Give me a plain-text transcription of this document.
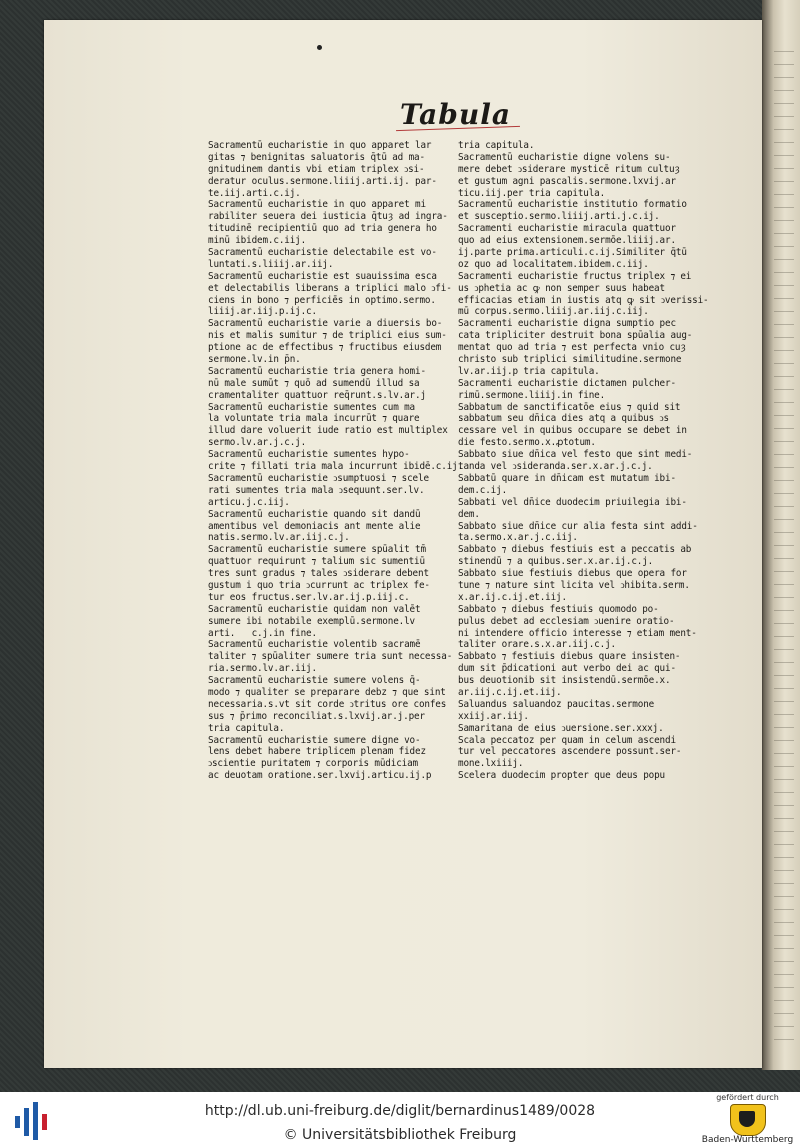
Tabula
Sacramentū eucharistie in quo apparet lar
gitas ⁊ benignitas saluatoris q̄tū ad ma-
gnitudinem dantis vbi etiam triplex ↄsi-
deratur oculus.sermone.liiij.arti.ij. par-
te.iij.arti.c.ij.
Sacramentū eucharistie in quo apparet mi
rabiliter seuera dei iusticia q̄tuȝ ad ingra-
titudinē recipientiū quo ad tria genera ho
minū ibidem.c.iij.
Sacramentū eucharistie delectabile est vo-
luntati.s.liiij.ar.iij.
Sacramentū eucharistie est suauissima esca
et delectabilis liberans a triplici malo ↄfi-
ciens in bono ⁊ perficiēs in optimo.sermo.
liiij.ar.iij.p.ij.c.
Sacramentū eucharistie varie a diuersis bo-
nis et malis sumitur ⁊ de triplici eius sum-
ptione ac de effectibus ⁊ fructibus eiusdem
sermone.lv.in p̄n.
Sacramentū eucharistie tria genera homi-
nū male sumūt ⁊ quō ad sumendū illud sa
cramentaliter quattuor req̄runt.s.lv.ar.j
Sacramentū eucharistie sumentes cum ma
la voluntate tria mala incurrūt ⁊ quare
illud dare voluerit iude ratio est multiplex
sermo.lv.ar.j.c.j.
Sacramentū eucharistie sumentes hypo-
crite ⁊ fillati tria mala incurrunt ibidē.c.ij.
Sacramentū eucharistie ↄsumptuosi ⁊ scele
rati sumentes tria mala ↄsequunt.ser.lv.
articu.j.c.iij.
Sacramentū eucharistie quando sit dandū
amentibus vel demoniacis ant mente alie
natis.sermo.lv.ar.iij.c.j.
Sacramentū eucharistie sumere spūalit tm̄
quattuor requirunt ⁊ talium sic sumentiū
tres sunt gradus ⁊ tales ↄsiderare debent
gustum i quo tria ↄcurrunt ac triplex fe-
tur eos fructus.ser.lv.ar.ij.p.iij.c.
Sacramentū eucharistie quidam non valēt
sumere ibi notabile exemplū.sermone.lv
arti.   c.j.in fine.
Sacramentū eucharistie volentib sacramē
taliter ⁊ spūaliter sumere tria sunt necessa-
ria.sermo.lv.ar.iij.
Sacramentū eucharistie sumere volens q̄-
modo ⁊ qualiter se preparare debz ⁊ que sint
necessaria.s.vt sit corde ↄtritus ore confes
sus ⁊ p̄rimo reconciliat.s.lxvij.ar.j.per
tria capitula.
Sacramentū eucharistie sumere digne vo-
lens debet habere triplicem plenam fidez
ↄscientie puritatem ⁊ corporis mūdiciam
ac deuotam oratione.ser.lxvij.articu.ij.p
tria capitula.
Sacramentū eucharistie digne volens su-
mere debet ↄsiderare mysticē ritum cultuȝ
et gustum agni pascalis.sermone.lxvij.ar
ticu.iij.per tria capitula.
Sacramentū eucharistie institutio formatio
et susceptio.sermo.liiij.arti.j.c.ij.
Sacramenti eucharistie miracula quattuor
quo ad eius extensionem.sermōe.liiij.ar.
ij.parte prima.articuli.c.ij.Similiter q̄tū
oz quo ad localitatem.ibidem.c.iij.
Sacramenti eucharistie fructus triplex ⁊ ei
us ↄphetia ac ꝙ non semper suus habeat
efficacias etiam in iustis atq ꝙ sit ↄverissi-
mū corpus.sermo.liiij.ar.iij.c.iij.
Sacramenti eucharistie digna sumptio pec
cata tripliciter destruit bona spūalia aug-
mentat quo ad tria ⁊ est perfecta vnio cuȝ
christo sub triplici similitudine.sermone
lv.ar.iij.p tria capitula.
Sacramenti eucharistie dictamen pulcher-
rimū.sermone.liiij.in fine.
Sabbatum de sanctificatōe eius ⁊ quid sit
sabbatum seu dn̄ica dies atq a quibus ↄs
cessare vel in quibus occupare se debet in
die festo.sermo.x.ꝓtotum.
Sabbato siue dn̄ica vel festo que sint medi-
tanda vel ↄsideranda.ser.x.ar.j.c.j.
Sabbatū quare in dn̄icam est mutatum ibi-
dem.c.ij.
Sabbati vel dn̄ice duodecim priuilegia ibi-
dem.
Sabbato siue dn̄ice cur alia festa sint addi-
ta.sermo.x.ar.j.c.iij.
Sabbato ⁊ diebus festiuis est a peccatis ab
stinendū ⁊ a quibus.ser.x.ar.ij.c.j.
Sabbato siue festiuis diebus que opera for
tune ⁊ nature sint licita vel ↄhibita.serm.
x.ar.ij.c.ij.et.iij.
Sabbato ⁊ diebus festiuis quomodo po-
pulus debet ad ecclesiam ↄuenire oratio-
ni intendere officio interesse ⁊ etiam ment-
taliter orare.s.x.ar.iij.c.j.
Sabbato ⁊ festiuis diebus quare insisten-
dum sit p̄dicationi aut verbo dei ac qui-
bus deuotionib sit insistendū.sermōe.x.
ar.iij.c.ij.et.iij.
Saluandus saluandoz paucitas.sermone
xxiij.ar.iij.
Samaritana de eius ↄuersione.ser.xxxj.
Scala peccatoz per quam in celum ascendi
tur vel peccatores ascendere possunt.ser-
mone.lxiiij.
Scelera duodecim propter que deus popu
http://dl.ub.uni-freiburg.de/diglit/bernardinus1489/0028
© Universitätsbibliothek Freiburg
gefördert durch
Baden-Württemberg
